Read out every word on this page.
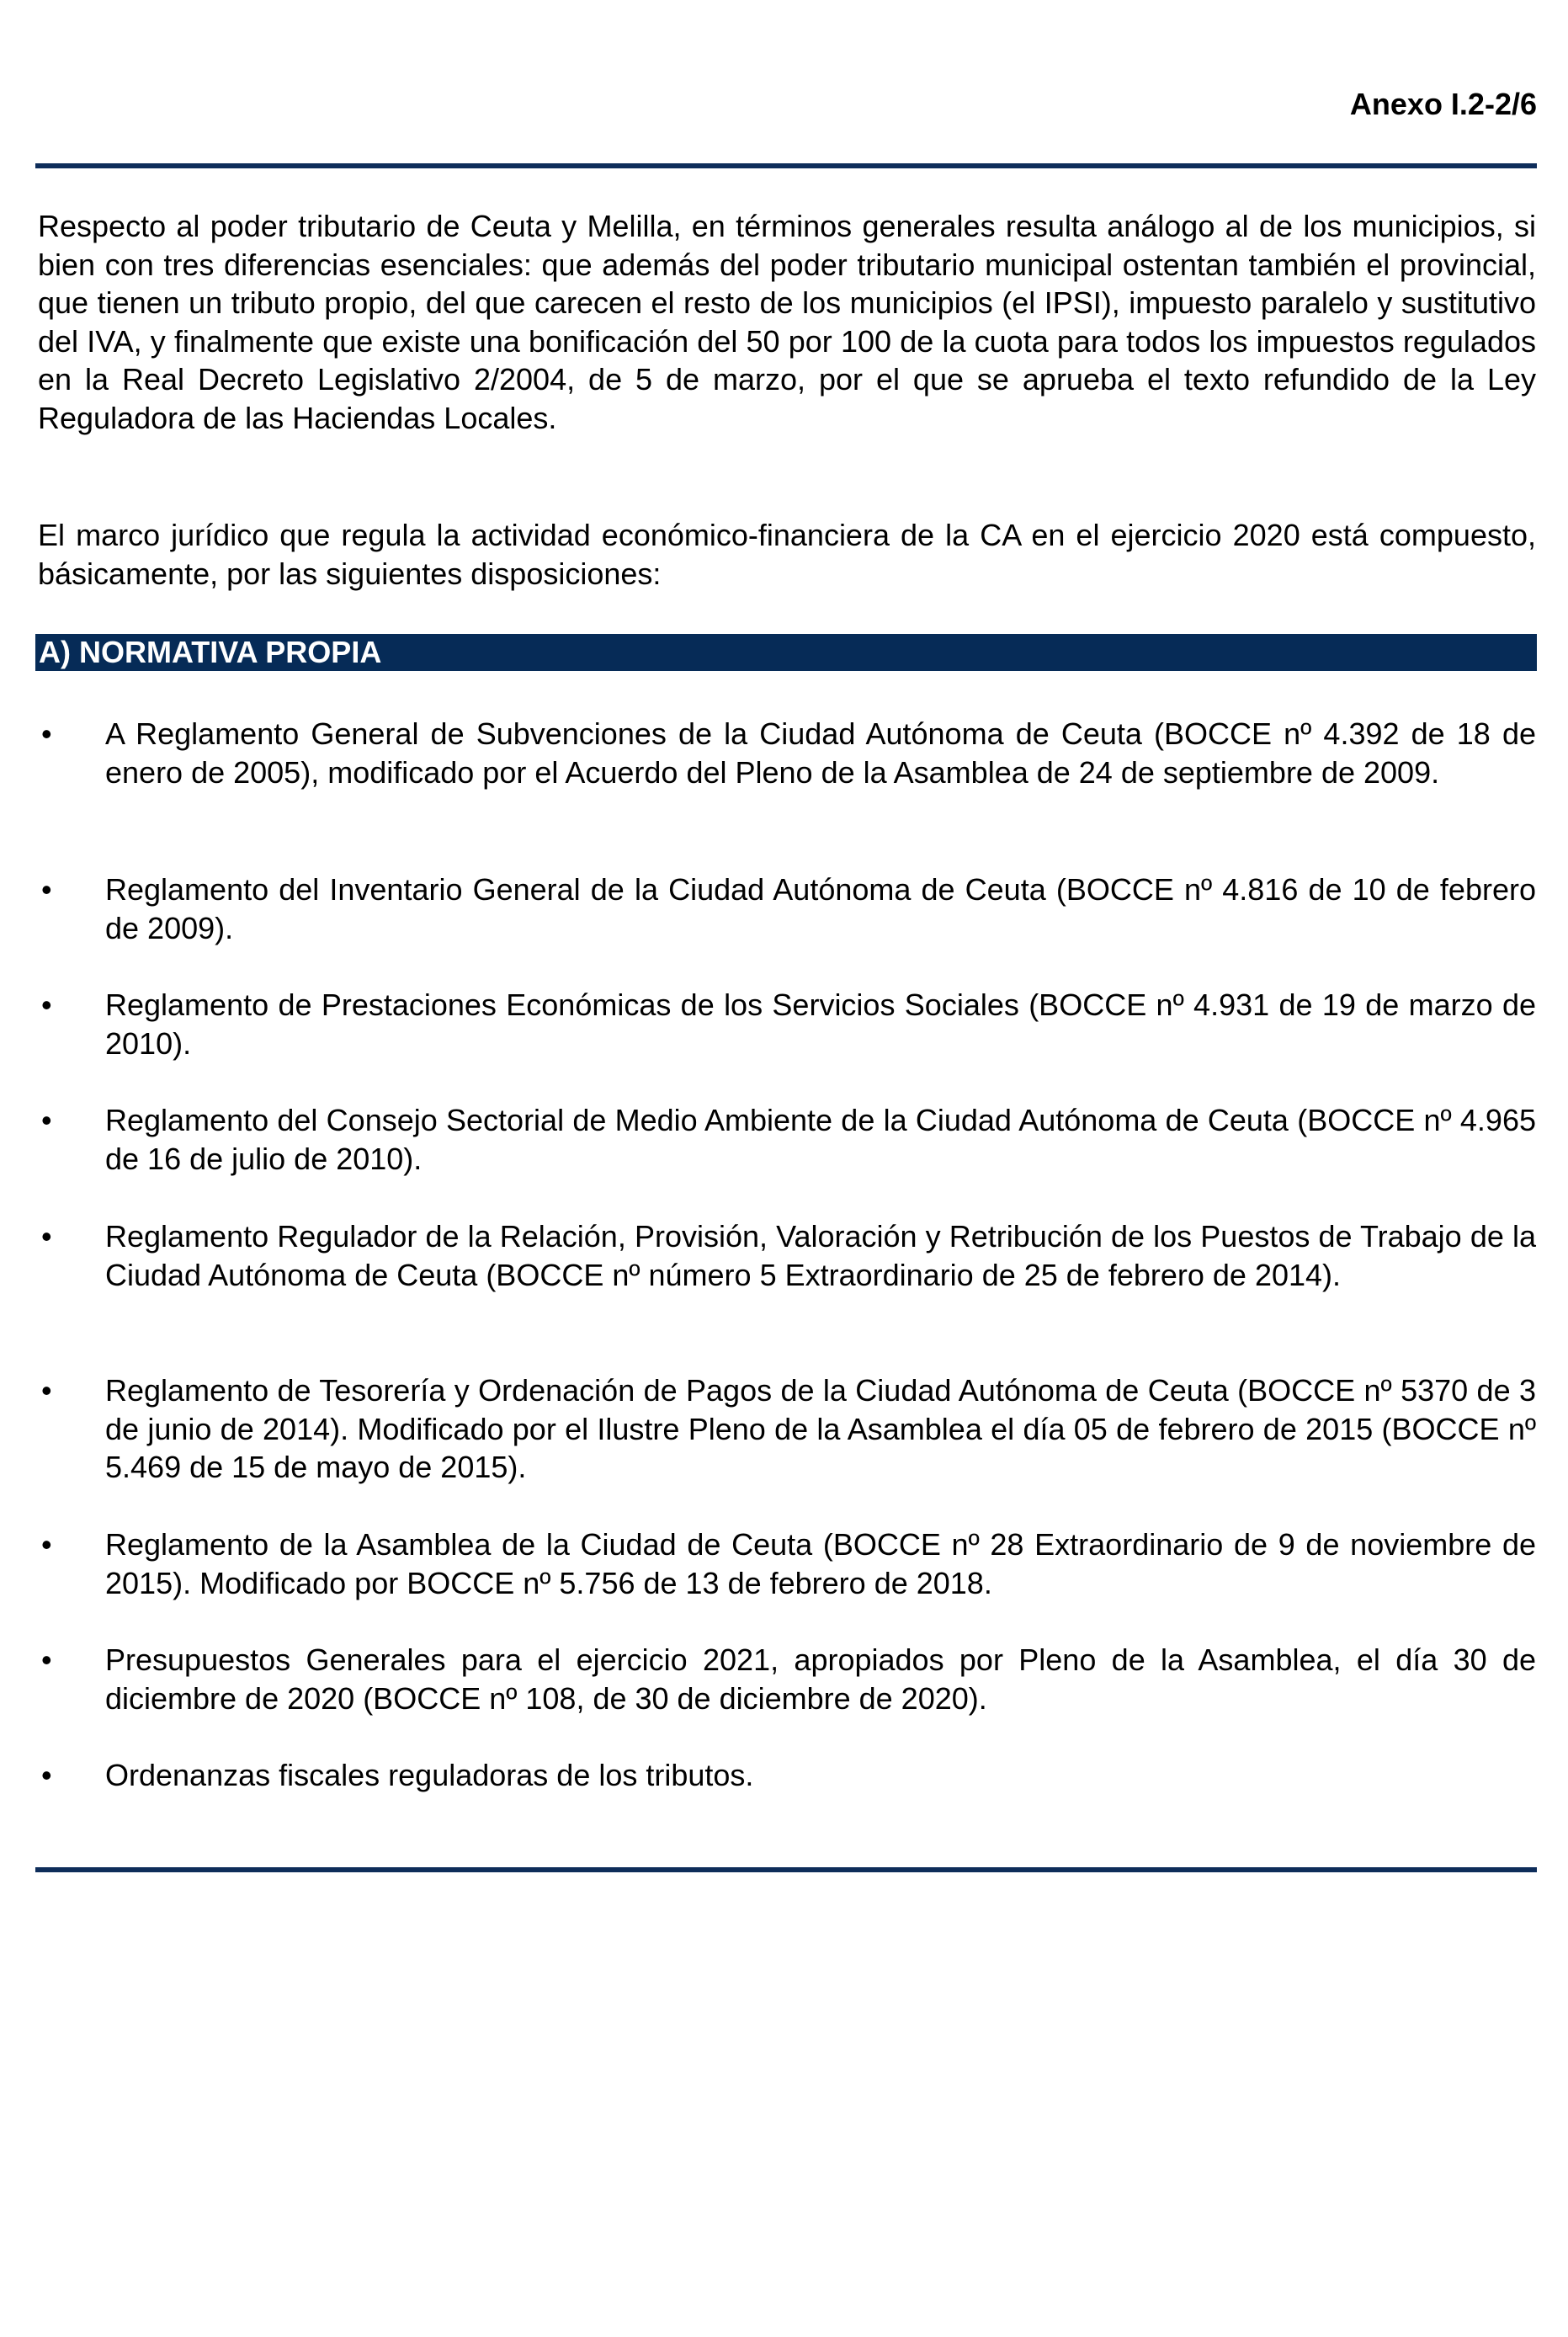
Anexo I.2-2/6

Respecto al poder tributario de Ceuta y Melilla, en términos generales resulta análogo al de los municipios, si bien con tres diferencias esenciales: que además del poder tributario municipal ostentan también el provincial, que tienen un tributo propio, del que carecen el resto de los municipios (el IPSI), impuesto paralelo y sustitutivo del IVA, y finalmente que existe una bonificación del 50 por 100 de la cuota para todos los impuestos regulados en la Real Decreto Legislativo 2/2004, de 5 de marzo, por el que se aprueba el texto refundido de la Ley Reguladora de las Haciendas Locales.

El marco jurídico que regula la actividad económico-financiera de la CA en el ejercicio 2020 está compuesto, básicamente, por las siguientes disposiciones:

A) NORMATIVA PROPIA
• A Reglamento General de Subvenciones de la Ciudad Autónoma de Ceuta (BOCCE nº 4.392 de 18 de enero de 2005), modificado por el Acuerdo del Pleno de la Asamblea de 24 de septiembre de 2009.
• Reglamento del Inventario General de la Ciudad Autónoma de Ceuta (BOCCE nº 4.816 de 10 de febrero de 2009).
• Reglamento de Prestaciones Económicas de los Servicios Sociales (BOCCE nº 4.931 de 19 de marzo de 2010).
• Reglamento del Consejo Sectorial de Medio Ambiente de la Ciudad Autónoma de Ceuta (BOCCE nº 4.965 de 16 de julio de 2010).
• Reglamento Regulador de la Relación, Provisión, Valoración y Retribución de los Puestos de Trabajo de la Ciudad Autónoma de Ceuta (BOCCE nº número 5 Extraordinario de 25 de febrero de 2014).
• Reglamento de Tesorería y Ordenación de Pagos de la Ciudad Autónoma de Ceuta (BOCCE nº 5370 de 3 de junio de 2014). Modificado por el Ilustre Pleno de la Asamblea el día 05 de febrero de 2015 (BOCCE nº 5.469 de 15 de mayo de 2015).
• Reglamento de la Asamblea de la Ciudad de Ceuta (BOCCE nº 28 Extraordinario de 9 de noviembre de 2015). Modificado por BOCCE nº 5.756 de 13 de febrero de 2018.
• Presupuestos Generales para el ejercicio 2021, apropiados por Pleno de la Asamblea, el día 30 de diciembre de 2020 (BOCCE nº 108, de 30 de diciembre de 2020).
• Ordenanzas fiscales reguladoras de los tributos.
